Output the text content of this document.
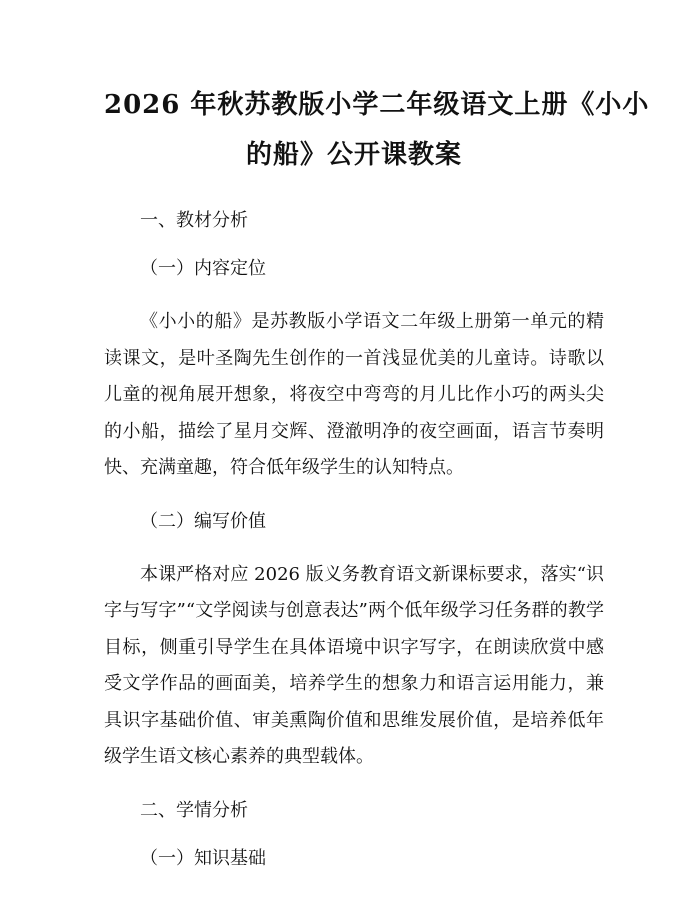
2026 年秋苏教版小学二年级语文上册《小小
的船》公开课教案
一、教材分析
（一）内容定位

《小小的船》是苏教版小学语文二年级上册第一单元的精读课文，是叶圣陶先生创作的一首浅显优美的儿童诗。诗歌以儿童的视角展开想象，将夜空中弯弯的月儿比作小巧的两头尖的小船，描绘了星月交辉、澄澈明净的夜空画面，语言节奏明快、充满童趣，符合低年级学生的认知特点。

（二）编写价值

本课严格对应 2026 版义务教育语文新课标要求，落实“识字与写字”“文学阅读与创意表达”两个低年级学习任务群的教学目标，侧重引导学生在具体语境中识字写字，在朗读欣赏中感受文学作品的画面美，培养学生的想象力和语言运用能力，兼具识字基础价值、审美熏陶价值和思维发展价值，是培养低年级学生语文核心素养的典型载体。

二、学情分析
（一）知识基础
